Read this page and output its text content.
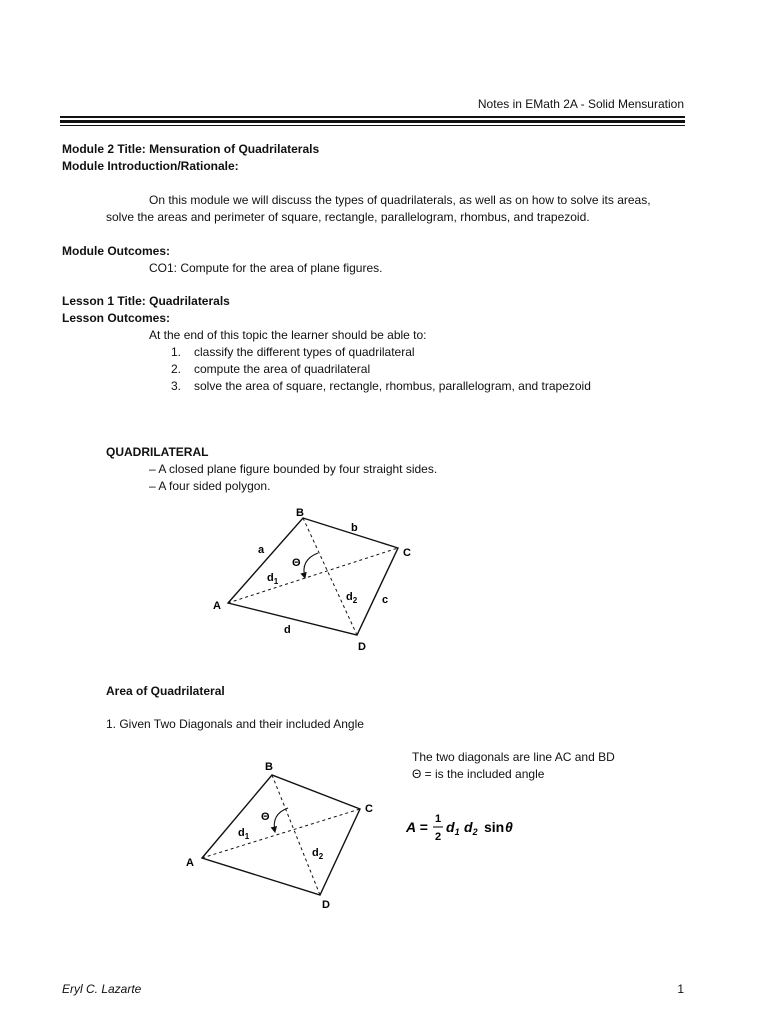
Notes in EMath 2A - Solid Mensuration
Module 2 Title: Mensuration of Quadrilaterals
Module Introduction/Rationale:
On this module we will discuss the types of quadrilaterals, as well as on how to solve its areas,
solve the areas and perimeter of square, rectangle, parallelogram, rhombus, and trapezoid.
Module Outcomes:
CO1: Compute for the area of plane figures.
Lesson 1 Title: Quadrilaterals
Lesson Outcomes:
At the end of this topic the learner should be able to:
1. classify the different types of quadrilateral
2. compute the area of quadrilateral
3. solve the area of square, rectangle, rhombus, parallelogram, and trapezoid
QUADRILATERAL
– A closed plane figure bounded by four straight sides.
– A four sided polygon.
B
C
A
D
a
b
c
d
Θ
$d_1$
$d_2$
Area of Quadrilateral
1. Given Two Diagonals and their included Angle
The two diagonals are line AC and BD
Θ = is the included angle
B
C
A
D
Θ
$d_1$
$d_2$
A = 1
2
$d_1$ $d_2$ sin θ
Eryl C. Lazarte	1
